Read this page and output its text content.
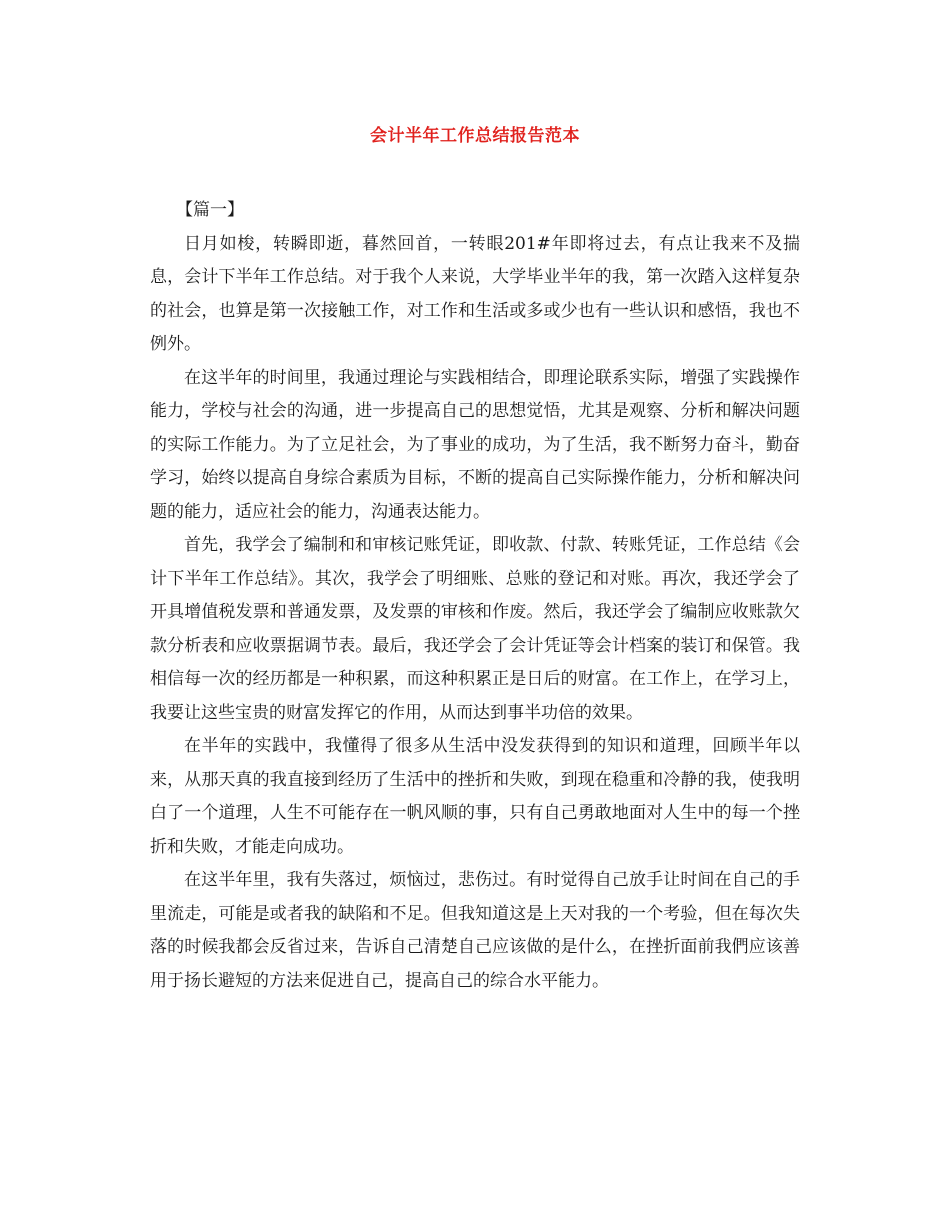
会计半年工作总结报告范本

【篇一】

日月如梭，转瞬即逝，暮然回首，一转眼201#年即将过去，有点让我来不及揣息，会计下半年工作总结。对于我个人来说，大学毕业半年的我，第一次踏入这样复杂的社会，也算是第一次接触工作，对工作和生活或多或少也有一些认识和感悟，我也不例外。

在这半年的时间里，我通过理论与实践相结合，即理论联系实际，增强了实践操作能力，学校与社会的沟通，进一步提高自己的思想觉悟，尤其是观察、分析和解决问题的实际工作能力。为了立足社会，为了事业的成功，为了生活，我不断努力奋斗，勤奋学习，始终以提高自身综合素质为目标，不断的提高自己实际操作能力，分析和解决问题的能力，适应社会的能力，沟通表达能力。

首先，我学会了编制和和审核记账凭证，即收款、付款、转账凭证，工作总结《会计下半年工作总结》。其次，我学会了明细账、总账的登记和对账。再次，我还学会了开具增值税发票和普通发票，及发票的审核和作废。然后，我还学会了编制应收账款欠款分析表和应收票据调节表。最后，我还学会了会计凭证等会计档案的装订和保管。我相信每一次的经历都是一种积累，而这种积累正是日后的财富。在工作上，在学习上，我要让这些宝贵的财富发挥它的作用，从而达到事半功倍的效果。

在半年的实践中，我懂得了很多从生活中没发获得到的知识和道理，回顾半年以来，从那天真的我直接到经历了生活中的挫折和失败，到现在稳重和冷静的我，使我明白了一个道理，人生不可能存在一帆风顺的事，只有自己勇敢地面对人生中的每一个挫折和失败，才能走向成功。

在这半年里，我有失落过，烦恼过，悲伤过。有时觉得自己放手让时间在自己的手里流走，可能是或者我的缺陷和不足。但我知道这是上天对我的一个考验，但在每次失落的时候我都会反省过来，告诉自己清楚自己应该做的是什么，在挫折面前我們应该善用于扬长避短的方法来促进自己，提高自己的综合水平能力。
